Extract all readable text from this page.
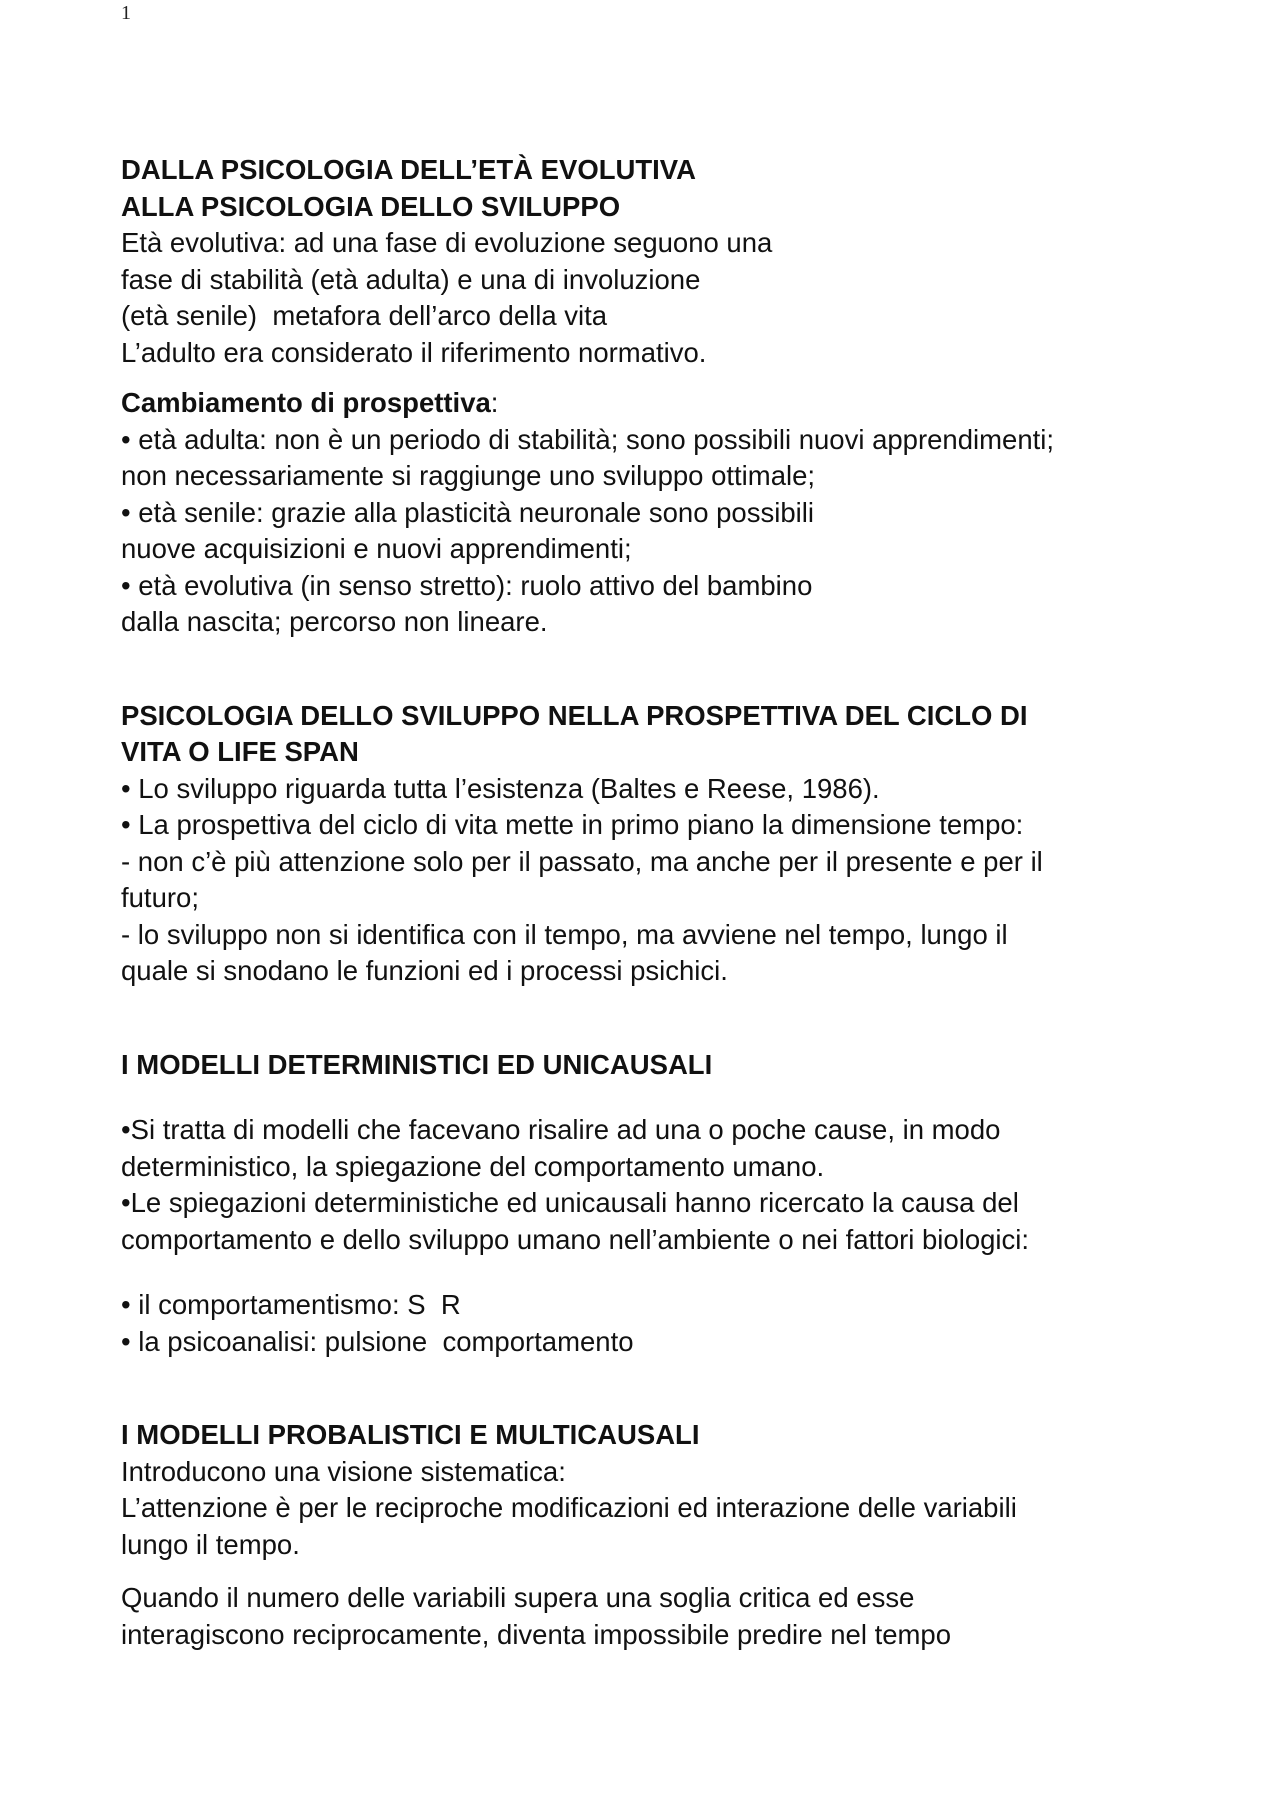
1
DALLA PSICOLOGIA DELL’ETÀ EVOLUTIVA
ALLA PSICOLOGIA DELLO SVILUPPO
Età evolutiva: ad una fase di evoluzione seguono una
fase di stabilità (età adulta) e una di involuzione
(età senile)  metafora dell’arco della vita
L’adulto era considerato il riferimento normativo.
Cambiamento di prospettiva:
• età adulta: non è un periodo di stabilità; sono possibili nuovi apprendimenti;
non necessariamente si raggiunge uno sviluppo ottimale;
• età senile: grazie alla plasticità neuronale sono possibili
nuove acquisizioni e nuovi apprendimenti;
• età evolutiva (in senso stretto): ruolo attivo del bambino
dalla nascita; percorso non lineare.
PSICOLOGIA DELLO SVILUPPO NELLA PROSPETTIVA DEL CICLO DI
VITA O LIFE SPAN
• Lo sviluppo riguarda tutta l’esistenza (Baltes e Reese, 1986).
• La prospettiva del ciclo di vita mette in primo piano la dimensione tempo:
- non c’è più attenzione solo per il passato, ma anche per il presente e per il
futuro;
- lo sviluppo non si identifica con il tempo, ma avviene nel tempo, lungo il
quale si snodano le funzioni ed i processi psichici.
I MODELLI DETERMINISTICI ED UNICAUSALI
•Si tratta di modelli che facevano risalire ad una o poche cause, in modo
deterministico, la spiegazione del comportamento umano.
•Le spiegazioni deterministiche ed unicausali hanno ricercato la causa del
comportamento e dello sviluppo umano nell’ambiente o nei fattori biologici:
• il comportamentismo: S  R
• la psicoanalisi: pulsione  comportamento
I MODELLI PROBALISTICI E MULTICAUSALI
Introducono una visione sistematica:
L’attenzione è per le reciproche modificazioni ed interazione delle variabili
lungo il tempo.
Quando il numero delle variabili supera una soglia critica ed esse
interagiscono reciprocamente, diventa impossibile predire nel tempo
